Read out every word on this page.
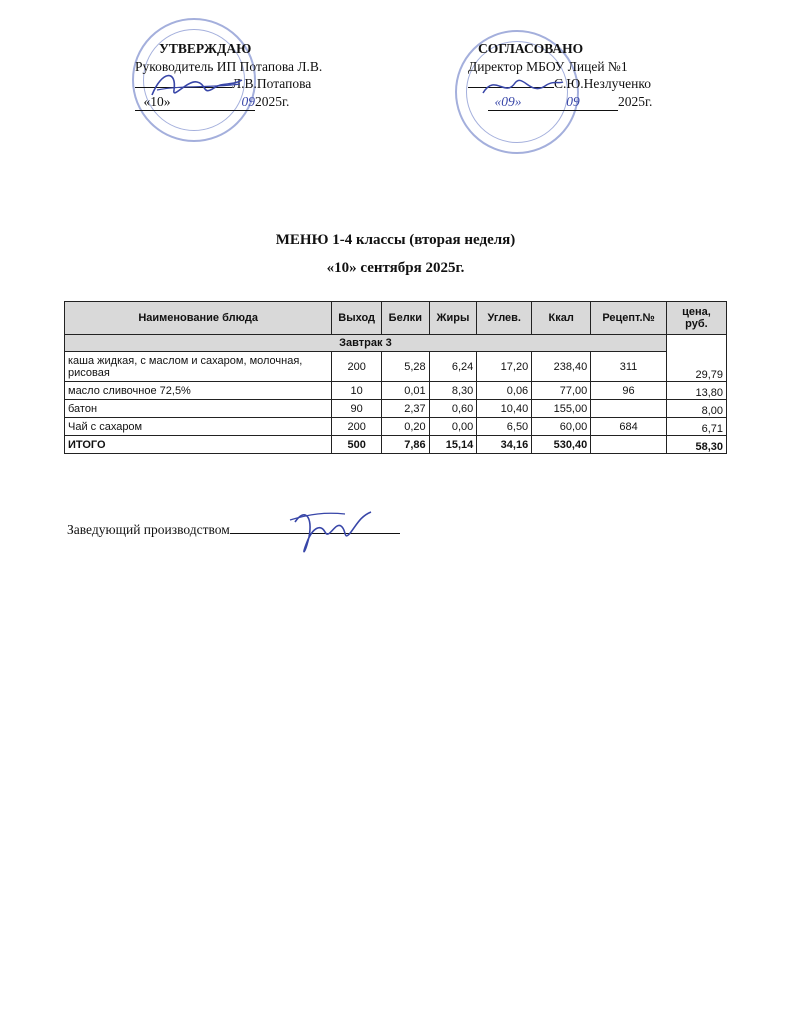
УТВЕРЖДАЮ
Руководитель ИП Потапова Л.В.
Л.В.Потапова
«10»	092025г.
СОГЛАСОВАНО
Директор МБОУ Лицей №1
С.Ю.Незлученко
«09»	09	2025г.
МЕНЮ 1-4 классы (вторая неделя)
«10» сентября 2025г.
Наименование блюда	Выход	Белки	Жиры	Углев.	Ккал	Рецепт.№	цена, руб.
Завтрак 3							
каша жидкая, с маслом и сахаром, молочная, рисовая	200	5,28	6,24	17,20	238,40	311	29,79
масло сливочное 72,5%	10	0,01	8,30	0,06	77,00	96	13,80
батон	90	2,37	0,60	10,40	155,00		8,00
Чай с сахаром	200	0,20	0,00	6,50	60,00	684	6,71
ИТОГО	500	7,86	15,14	34,16	530,40		58,30
Заведующий производством
